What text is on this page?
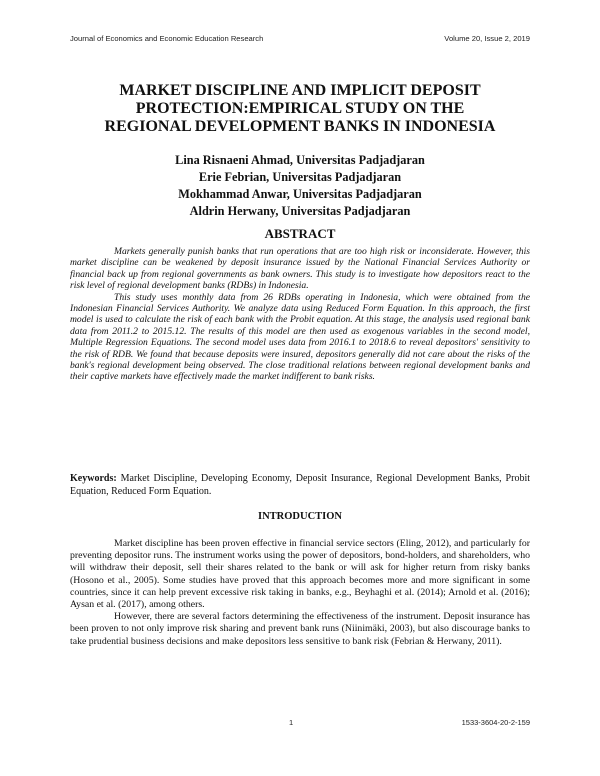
Journal of Economics and Economic Education Research	Volume 20, Issue 2, 2019
MARKET DISCIPLINE AND IMPLICIT DEPOSIT
PROTECTION:EMPIRICAL STUDY ON THE
REGIONAL DEVELOPMENT BANKS IN INDONESIA
Lina Risnaeni Ahmad, Universitas Padjadjaran
Erie Febrian, Universitas Padjadjaran
Mokhammad Anwar, Universitas Padjadjaran
Aldrin Herwany, Universitas Padjadjaran
ABSTRACT

Markets generally punish banks that run operations that are too high risk or inconsiderate. However, this market discipline can be weakened by deposit insurance issued by the National Financial Services Authority or financial back up from regional governments as bank owners. This study is to investigate how depositors react to the risk level of regional development banks (RDBs) in Indonesia.

This study uses monthly data from 26 RDBs operating in Indonesia, which were obtained from the Indonesian Financial Services Authority. We analyze data using Reduced Form Equation. In this approach, the first model is used to calculate the risk of each bank with the Probit equation. At this stage, the analysis used regional bank data from 2011.2 to 2015.12. The results of this model are then used as exogenous variables in the second model, Multiple Regression Equations. The second model uses data from 2016.1 to 2018.6 to reveal depositors' sensitivity to the risk of RDB. We found that because deposits were insured, depositors generally did not care about the risks of the bank's regional development being observed. The close traditional relations between regional development banks and their captive markets have effectively made the market indifferent to bank risks.

Keywords: Market Discipline, Developing Economy, Deposit Insurance, Regional Development Banks, Probit Equation, Reduced Form Equation.
INTRODUCTION

Market discipline has been proven effective in financial service sectors (Eling, 2012), and particularly for preventing depositor runs. The instrument works using the power of depositors, bond-holders, and shareholders, who will withdraw their deposit, sell their shares related to the bank or will ask for higher return from risky banks (Hosono et al., 2005). Some studies have proved that this approach becomes more and more significant in some countries, since it can help prevent excessive risk taking in banks, e.g., Beyhaghi et al. (2014); Arnold et al. (2016); Aysan et al. (2017), among others.

However, there are several factors determining the effectiveness of the instrument. Deposit insurance has been proven to not only improve risk sharing and prevent bank runs (Niinimäki, 2003), but also discourage banks to take prudential business decisions and make depositors less sensitive to bank risk (Febrian & Herwany, 2011).

1	1533-3604-20-2-159
